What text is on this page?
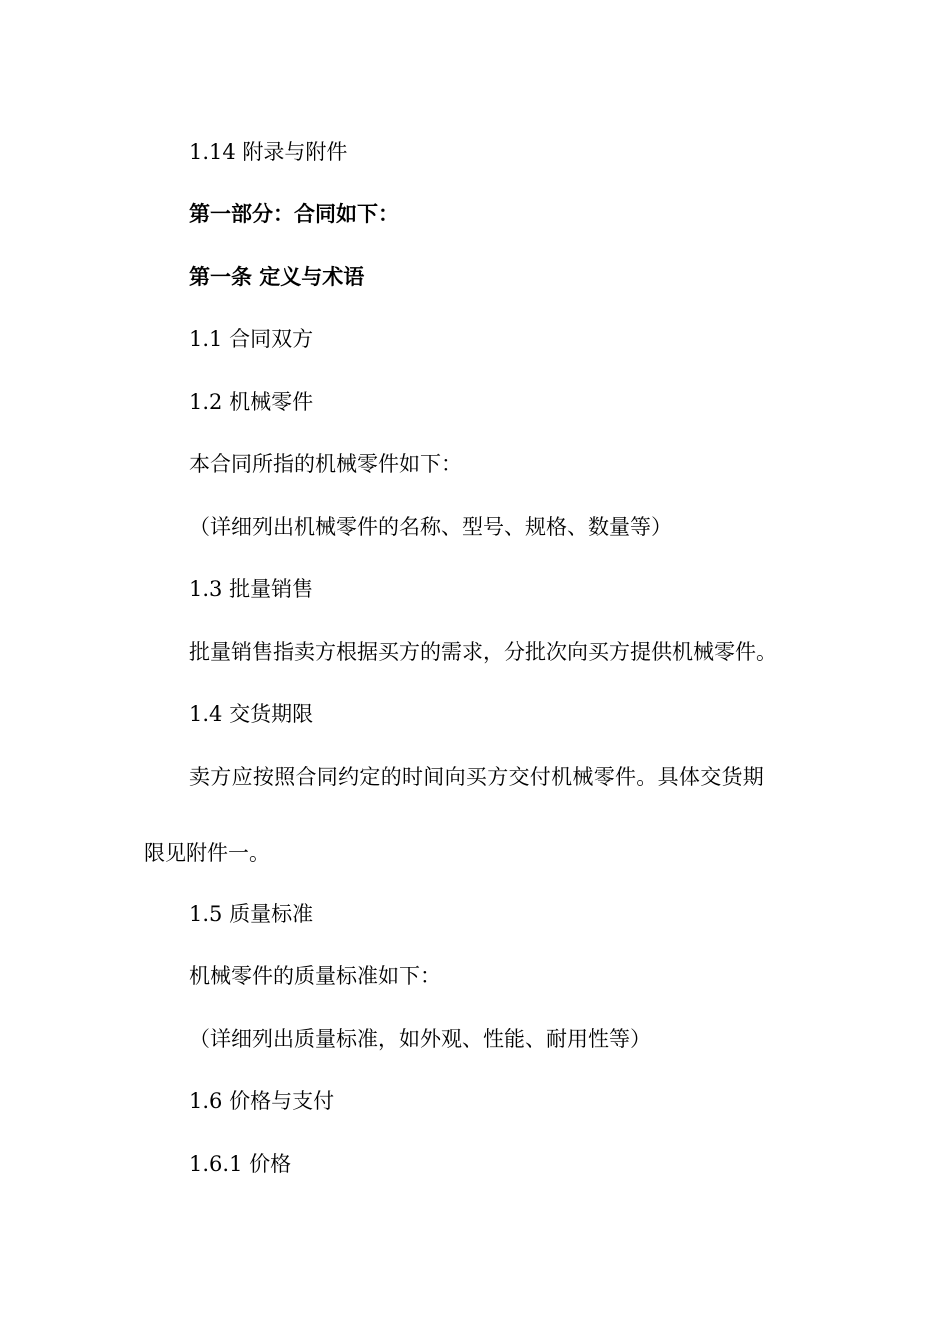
1.14 附录与附件

第一部分：合同如下：

第一条 定义与术语

1.1 合同双方

1.2 机械零件

本合同所指的机械零件如下：

（详细列出机械零件的名称、型号、规格、数量等）

1.3 批量销售

批量销售指卖方根据买方的需求，分批次向买方提供机械零件。

1.4 交货期限

卖方应按照合同约定的时间向买方交付机械零件。具体交货期

限见附件一。

1.5 质量标准

机械零件的质量标准如下：

（详细列出质量标准，如外观、性能、耐用性等）

1.6 价格与支付

1.6.1 价格
